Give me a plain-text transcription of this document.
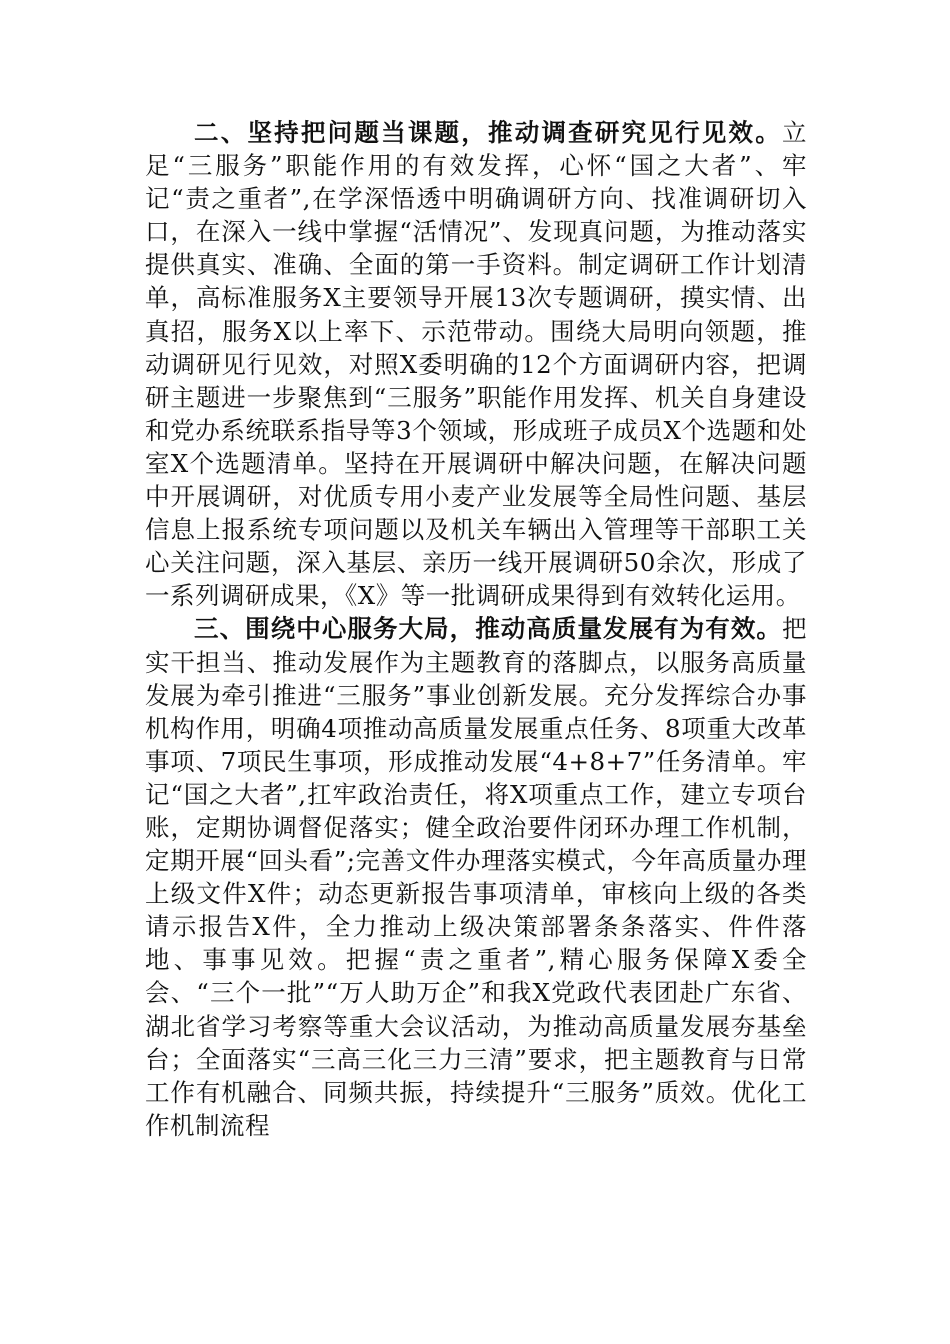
二、坚持把问题当课题，推动调查研究见行见效。立足“三服务”职能作用的有效发挥，心怀“国之大者”、牢记“责之重者”,在学深悟透中明确调研方向、找准调研切入口，在深入一线中掌握“活情况”、发现真问题，为推动落实提供真实、准确、全面的第一手资料。制定调研工作计划清单，高标准服务X主要领导开展13次专题调研，摸实情、出真招，服务X以上率下、示范带动。围绕大局明向领题，推动调研见行见效，对照X委明确的12个方面调研内容，把调研主题进一步聚焦到“三服务”职能作用发挥、机关自身建设和党办系统联系指导等3个领域，形成班子成员X个选题和处室X个选题清单。坚持在开展调研中解决问题，在解决问题中开展调研，对优质专用小麦产业发展等全局性问题、基层信息上报系统专项问题以及机关车辆出入管理等干部职工关心关注问题，深入基层、亲历一线开展调研50余次，形成了一系列调研成果，《X》等一批调研成果得到有效转化运用。

三、围绕中心服务大局，推动高质量发展有为有效。把实干担当、推动发展作为主题教育的落脚点，以服务高质量发展为牵引推进“三服务”事业创新发展。充分发挥综合办事机构作用，明确4项推动高质量发展重点任务、8项重大改革事项、7项民生事项，形成推动发展“4+8+7”任务清单。牢记“国之大者”,扛牢政治责任，将X项重点工作，建立专项台账，定期协调督促落实；健全政治要件闭环办理工作机制，定期开展“回头看”;完善文件办理落实模式，今年高质量办理上级文件X件；动态更新报告事项清单，审核向上级的各类请示报告X件，全力推动上级决策部署条条落实、件件落地、事事见效。把握“责之重者”,精心服务保障X委全会、“三个一批”“万人助万企”和我X党政代表团赴广东省、湖北省学习考察等重大会议活动，为推动高质量发展夯基垒台；全面落实“三高三化三力三清”要求，把主题教育与日常工作有机融合、同频共振，持续提升“三服务”质效。优化工作机制流程
